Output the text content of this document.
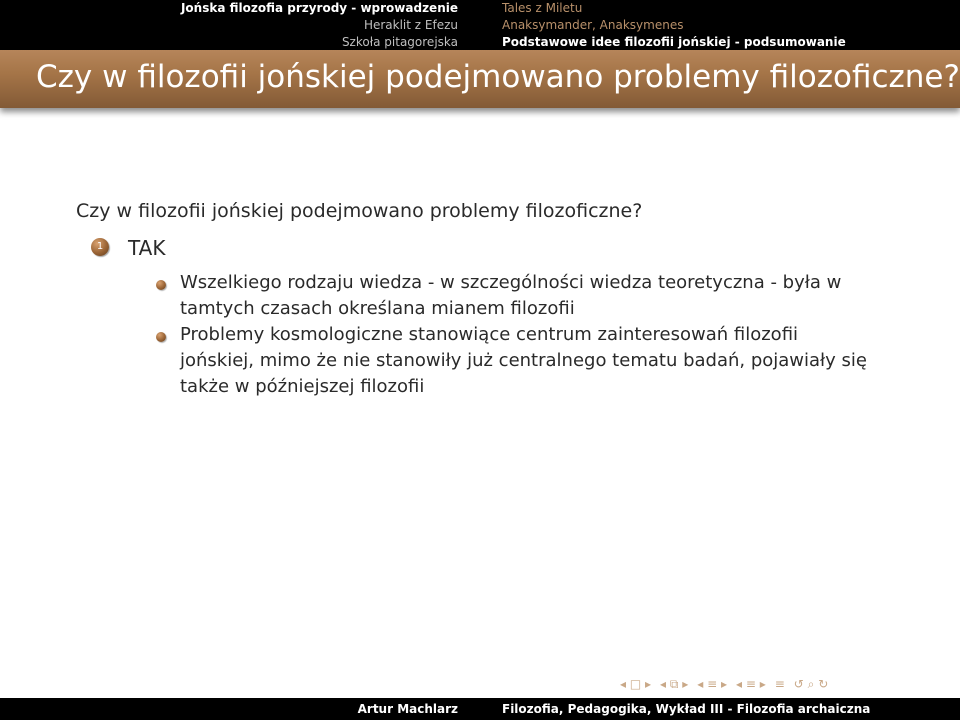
Jońska filozofia przyrody - wprowadzenie
Heraklit z Efezu
Szkoła pitagorejska
Tales z Miletu
Anaksymander, Anaksymenes
Podstawowe idee filozofii jońskiej - podsumowanie
Czy w filozofii jońskiej podejmowano problemy filozoficzne?
Czy w filozofii jońskiej podejmowano problemy filozoficzne?
1 TAK
Wszelkiego rodzaju wiedza - w szczególności wiedza teoretyczna - była w tamtych czasach określana mianem filozofii
Problemy kosmologiczne stanowiące centrum zainteresowań filozofii jońskiej, mimo że nie stanowiły już centralnego tematu badań, pojawiały się także w późniejszej filozofii
◂ □ ▸ ◂ ⧉ ▸ ◂ ≡ ▸ ◂ ≡ ▸ ≡ ↺ ⌕ ↻
Artur Machlarz	Filozofia, Pedagogika, Wykład III - Filozofia archaiczna
